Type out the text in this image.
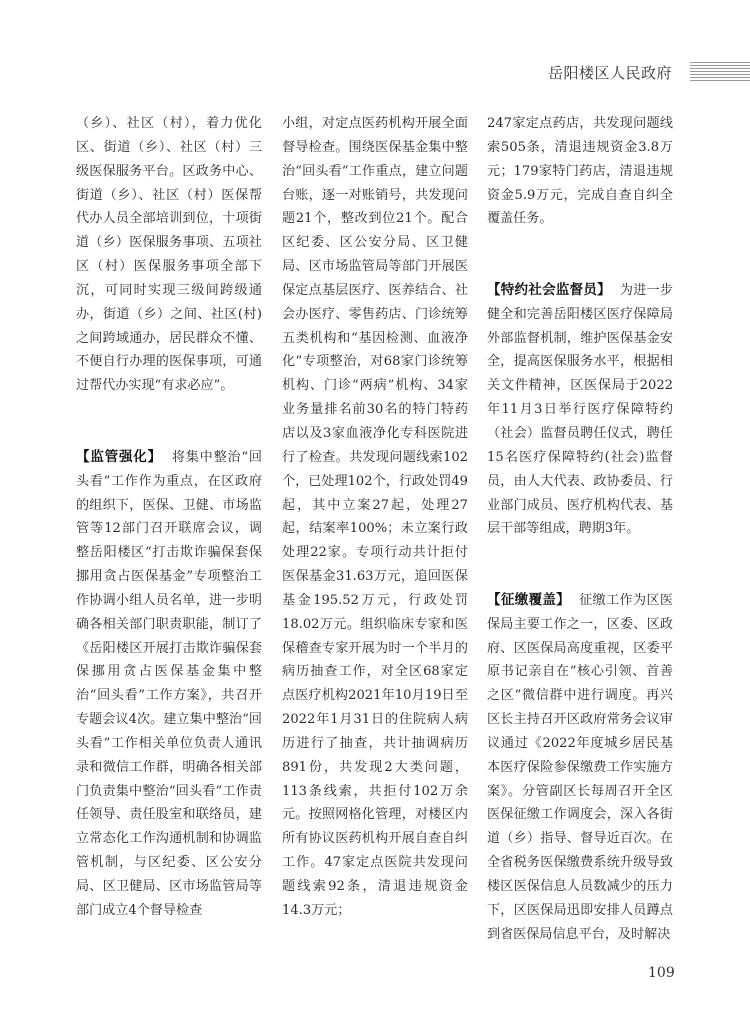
岳阳楼区人民政府

（乡）、社区（村），着力优化区、街道（乡）、社区（村）三级医保服务平台。区政务中心、街道（乡）、社区（村）医保帮代办人员全部培训到位，十项街道（乡）医保服务事项、五项社区（村）医保服务事项全部下沉，可同时实现三级间跨级通办，街道（乡）之间、社区(村)之间跨域通办，居民群众不懂、不便自行办理的医保事项，可通过帮代办实现“有求必应”。

【监管强化】 将集中整治“回头看”工作作为重点，在区政府的组织下，医保、卫健、市场监管等12部门召开联席会议，调整岳阳楼区“打击欺诈骗保套保挪用贪占医保基金”专项整治工作协调小组人员名单，进一步明确各相关部门职责职能，制订了《岳阳楼区开展打击欺诈骗保套保挪用贪占医保基金集中整治“回头看”工作方案》，共召开专题会议4次。建立集中整治“回头看”工作相关单位负责人通讯录和微信工作群，明确各相关部门负责集中整治“回头看”工作责任领导、责任股室和联络员，建立常态化工作沟通机制和协调监管机制，与区纪委、区公安分局、区卫健局、区市场监管局等部门成立4个督导检查

小组，对定点医药机构开展全面督导检查。围绕医保基金集中整治“回头看”工作重点，建立问题台账，逐一对账销号，共发现问题21个，整改到位21个。配合区纪委、区公安分局、区卫健局、区市场监管局等部门开展医保定点基层医疗、医养结合、社会办医疗、零售药店、门诊统筹五类机构和“基因检测、血液净化”专项整治，对68家门诊统筹机构、门诊“两病”机构、34家业务量排名前30名的特门特药店以及3家血液净化专科医院进行了检查。共发现问题线索102个，已处理102个，行政处罚49起，其中立案27起，处理27起，结案率100%；未立案行政处理22家。专项行动共计拒付医保基金31.63万元，追回医保基金195.52万元，行政处罚18.02万元。组织临床专家和医保稽查专家开展为时一个半月的病历抽查工作，对全区68家定点医疗机构2021年10月19日至2022年1月31日的住院病人病历进行了抽查，共计抽调病历891份，共发现2大类问题，113条线索，共拒付102万余元。按照网格化管理，对楼区内所有协议医药机构开展自查自纠工作。47家定点医院共发现问题线索92条，清退违规资金14.3万元；

247家定点药店，共发现问题线索505条，清退违规资金3.8万元；179家特门药店，清退违规资金5.9万元，完成自查自纠全覆盖任务。

【特约社会监督员】 为进一步健全和完善岳阳楼区医疗保障局外部监督机制，维护医保基金安全，提高医保服务水平，根据相关文件精神，区医保局于2022年11月3日举行医疗保障特约（社会）监督员聘任仪式，聘任15名医疗保障特约(社会)监督员，由人大代表、政协委员、行业部门成员、医疗机构代表、基层干部等组成，聘期3年。

【征缴覆盖】 征缴工作为区医保局主要工作之一，区委、区政府、区医保局高度重视，区委平原书记亲自在“核心引领、首善之区”微信群中进行调度。再兴区长主持召开区政府常务会议审议通过《2022年度城乡居民基本医疗保险参保缴费工作实施方案》。分管副区长每周召开全区医保征缴工作调度会，深入各街道（乡）指导、督导近百次。在全省税务医保缴费系统升级导致楼区医保信息人员数减少的压力下，区医保局迅即安排人员蹲点到省医保局信息平台，及时解决

109
